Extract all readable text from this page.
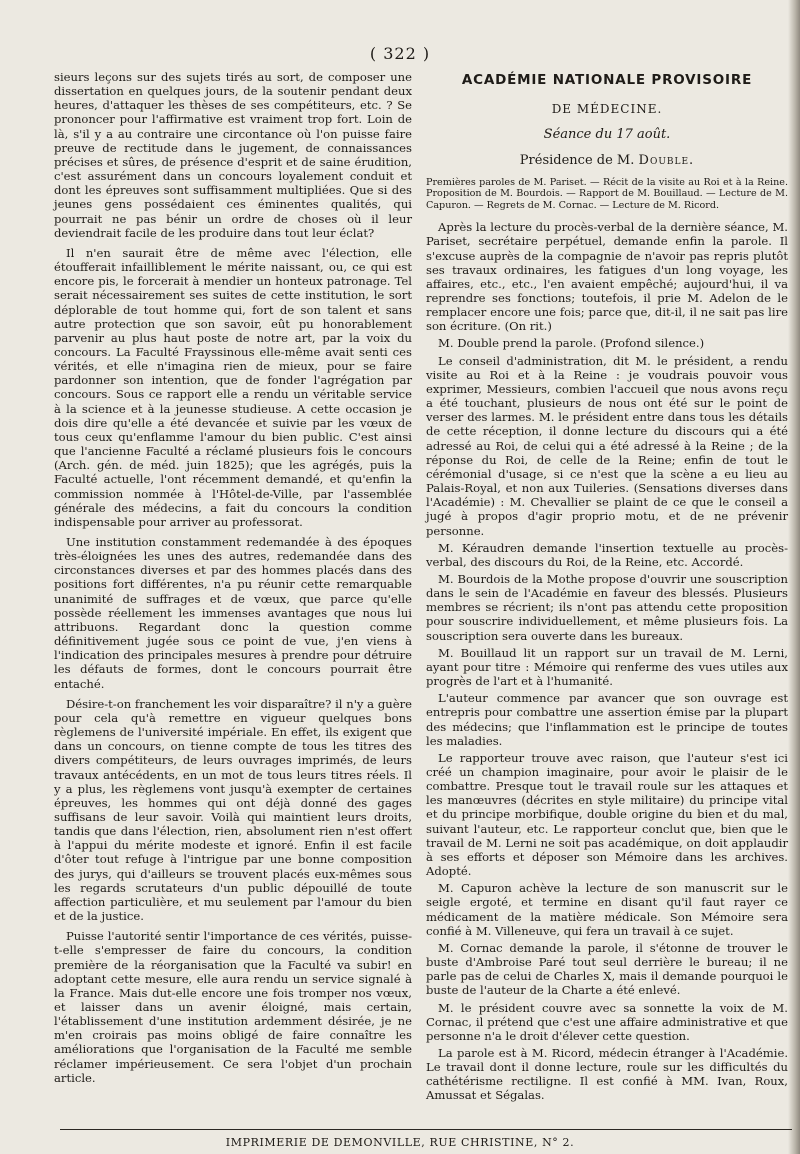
( 322 )

sieurs leçons sur des sujets tirés au sort, de composer une dissertation en quelques jours, de la soutenir pendant deux heures, d'attaquer les thèses de ses compétiteurs, etc. ? Se prononcer pour l'affirmative est vraiment trop fort. Loin de là, s'il y a au contraire une circontance où l'on puisse faire preuve de rectitude dans le jugement, de connaissances précises et sûres, de présence d'esprit et de saine érudition, c'est assurément dans un concours loyalement conduit et dont les épreuves sont suffisamment multipliées. Que si des jeunes gens possédaient ces éminentes qualités, qui pourrait ne pas bénir un ordre de choses où il leur deviendrait facile de les produire dans tout leur éclat?

Il n'en saurait être de même avec l'élection, elle étoufferait infailliblement le mérite naissant, ou, ce qui est encore pis, le forcerait à mendier un honteux patronage. Tel serait nécessairement ses suites de cette institution, le sort déplorable de tout homme qui, fort de son talent et sans autre protection que son savoir, eût pu honorablement parvenir au plus haut poste de notre art, par la voix du concours. La Faculté Frayssinous elle-même avait senti ces vérités, et elle n'imagina rien de mieux, pour se faire pardonner son intention, que de fonder l'agrégation par concours. Sous ce rapport elle a rendu un véritable service à la science et à la jeunesse studieuse. A cette occasion je dois dire qu'elle a été devancée et suivie par les vœux de tous ceux qu'enflamme l'amour du bien public. C'est ainsi que l'ancienne Faculté a réclamé plusieurs fois le concours (Arch. gén. de méd. juin 1825); que les agrégés, puis la Faculté actuelle, l'ont récemment demandé, et qu'enfin la commission nommée à l'Hôtel-de-Ville, par l'assemblée générale des médecins, a fait du concours la condition indispensable pour arriver au professorat.

Une institution constamment redemandée à des époques très-éloignées les unes des autres, redemandée dans des circonstances diverses et par des hommes placés dans des positions fort différentes, n'a pu réunir cette remarquable unanimité de suffrages et de vœux, que parce qu'elle possède réellement les immenses avantages que nous lui attribuons. Regardant donc la question comme définitivement jugée sous ce point de vue, j'en viens à l'indication des principales mesures à prendre pour détruire les défauts de formes, dont le concours pourrait être entaché.

Désire-t-on franchement les voir disparaître? il n'y a guère pour cela qu'à remettre en vigueur quelques bons règlemens de l'université impériale. En effet, ils exigent que dans un concours, on tienne compte de tous les titres des divers compétiteurs, de leurs ouvrages imprimés, de leurs travaux antécédents, en un mot de tous leurs titres réels. Il y a plus, les règlemens vont jusqu'à exempter de certaines épreuves, les hommes qui ont déjà donné des gages suffisans de leur savoir. Voilà qui maintient leurs droits, tandis que dans l'élection, rien, absolument rien n'est offert à l'appui du mérite modeste et ignoré. Enfin il est facile d'ôter tout refuge à l'intrigue par une bonne composition des jurys, qui d'ailleurs se trouvent placés eux-mêmes sous les regards scrutateurs d'un public dépouillé de toute affection particulière, et mu seulement par l'amour du bien et de la justice.

Puisse l'autorité sentir l'importance de ces vérités, puisse-t-elle s'empresser de faire du concours, la condition première de la réorganisation que la Faculté va subir! en adoptant cette mesure, elle aura rendu un service signalé à la France. Mais dut-elle encore une fois tromper nos vœux, et laisser dans un avenir éloigné, mais certain, l'établissement d'une institution ardemment désirée, je ne m'en croirais pas moins obligé de faire connaître les améliorations que l'organisation de la Faculté me semble réclamer impérieusement. Ce sera l'objet d'un prochain article.

ACADÉMIE NATIONALE PROVISOIRE
DE MÉDECINE.
Séance du 17 août.
Présidence de M. Double.
Premières paroles de M. Pariset. — Récit de la visite au Roi et à la Reine. Proposition de M. Bourdois. — Rapport de M. Bouillaud. — Lecture de M. Capuron. — Regrets de M. Cornac. — Lecture de M. Ricord.

Après la lecture du procès-verbal de la dernière séance, M. Pariset, secrétaire perpétuel, demande enfin la parole. Il s'excuse auprès de la compagnie de n'avoir pas repris plutôt ses travaux ordinaires, les fatigues d'un long voyage, les affaires, etc., etc., l'en avaient empêché; aujourd'hui, il va reprendre ses fonctions; toutefois, il prie M. Adelon de le remplacer encore une fois; parce que, dit-il, il ne sait pas lire son écriture. (On rit.)

M. Double prend la parole. (Profond silence.)

Le conseil d'administration, dit M. le président, a rendu visite au Roi et à la Reine : je voudrais pouvoir vous exprimer, Messieurs, combien l'accueil que nous avons reçu a été touchant, plusieurs de nous ont été sur le point de verser des larmes. M. le président entre dans tous les détails de cette réception, il donne lecture du discours qui a été adressé au Roi, de celui qui a été adressé à la Reine ; de la réponse du Roi, de celle de la Reine; enfin de tout le cérémonial d'usage, si ce n'est que la scène a eu lieu au Palais-Royal, et non aux Tuileries. (Sensations diverses dans l'Académie) : M. Chevallier se plaint de ce que le conseil a jugé à propos d'agir proprio motu, et de ne prévenir personne.

M. Kéraudren demande l'insertion textuelle au procès-verbal, des discours du Roi, de la Reine, etc. Accordé.

M. Bourdois de la Mothe propose d'ouvrir une souscription dans le sein de l'Académie en faveur des blessés. Plusieurs membres se récrient; ils n'ont pas attendu cette proposition pour souscrire individuellement, et même plusieurs fois. La souscription sera ouverte dans les bureaux.

M. Bouillaud lit un rapport sur un travail de M. Lerni, ayant pour titre : Mémoire qui renferme des vues utiles aux progrès de l'art et à l'humanité.

L'auteur commence par avancer que son ouvrage est entrepris pour combattre une assertion émise par la plupart des médecins; que l'inflammation est le principe de toutes les maladies.

Le rapporteur trouve avec raison, que l'auteur s'est ici créé un champion imaginaire, pour avoir le plaisir de le combattre. Presque tout le travail roule sur les attaques et les manœuvres (décrites en style militaire) du principe vital et du principe morbifique, double origine du bien et du mal, suivant l'auteur, etc. Le rapporteur conclut que, bien que le travail de M. Lerni ne soit pas académique, on doit applaudir à ses efforts et déposer son Mémoire dans les archives. Adopté.

M. Capuron achève la lecture de son manuscrit sur le seigle ergoté, et termine en disant qu'il faut rayer ce médicament de la matière médicale. Son Mémoire sera confié à M. Villeneuve, qui fera un travail à ce sujet.

M. Cornac demande la parole, il s'étonne de trouver le buste d'Ambroise Paré tout seul derrière le bureau; il ne parle pas de celui de Charles X, mais il demande pourquoi le buste de l'auteur de la Charte a été enlevé.

M. le président couvre avec sa sonnette la voix de M. Cornac, il prétend que c'est une affaire administrative et que personne n'a le droit d'élever cette question.

La parole est à M. Ricord, médecin étranger à l'Académie. Le travail dont il donne lecture, roule sur les difficultés du cathétérisme rectiligne. Il est confié à MM. Ivan, Roux, Amussat et Ségalas.

IMPRIMERIE DE DEMONVILLE, RUE CHRISTINE, N° 2.
